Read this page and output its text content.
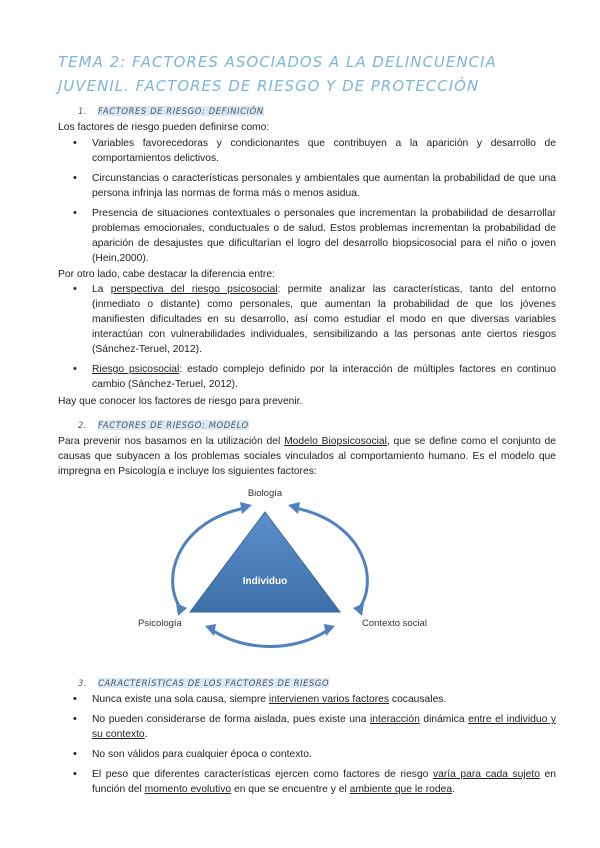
TEMA 2: FACTORES ASOCIADOS A LA DELINCUENCIA JUVENIL. FACTORES DE RIESGO Y DE PROTECCIÓN
1. FACTORES DE RIESGO: DEFINICIÓN

Los factores de riesgo pueden definirse como:

• Variables favorecedoras y condicionantes que contribuyen a la aparición y desarrollo de comportamientos delictivos.
• Circunstancias o características personales y ambientales que aumentan la probabilidad de que una persona infrinja las normas de forma más o menos asidua.
• Presencia de situaciones contextuales o personales que incrementan la probabilidad de desarrollar problemas emocionales, conductuales o de salud. Estos problemas incrementan la probabilidad de aparición de desajustes que dificultarían el logro del desarrollo biopsicosocial para el niño o joven (Hein,2000).

Por otro lado, cabe destacar la diferencia entre:

• La perspectiva del riesgo psicosocial: permite analizar las características, tanto del entorno (inmediato o distante) como personales, que aumentan la probabilidad de que los jóvenes manifiesten dificultades en su desarrollo, así como estudiar el modo en que diversas variables interactúan con vulnerabilidades individuales, sensibilizando a las personas ante ciertos riesgos (Sánchez-Teruel, 2012).
• Riesgo psicosocial: estado complejo definido por la interacción de múltiples factores en continuo cambio (Sánchez-Teruel, 2012).

Hay que conocer los factores de riesgo para prevenir.

2. FACTORES DE RIESGO: MODELO

Para prevenir nos basamos en la utilización del Modelo Biopsicosocial, que se define como el conjunto de causas que subyacen a los problemas sociales vinculados al comportamiento humano. Es el modelo que impregna en Psicología e incluye los siguientes factores:

Individuo
Biología
Psicología	Contexto social
3. CARACTERÍSTICAS DE LOS FACTORES DE RIESGO
• Nunca existe una sola causa, siempre intervienen varios factores cocausales.
• No pueden considerarse de forma aislada, pues existe una interacción dinámica entre el individuo y su contexto.
• No son válidos para cualquier época o contexto.
• El peso que diferentes características ejercen como factores de riesgo varía para cada sujeto en función del momento evolutivo en que se encuentre y el ambiente que le rodea.
